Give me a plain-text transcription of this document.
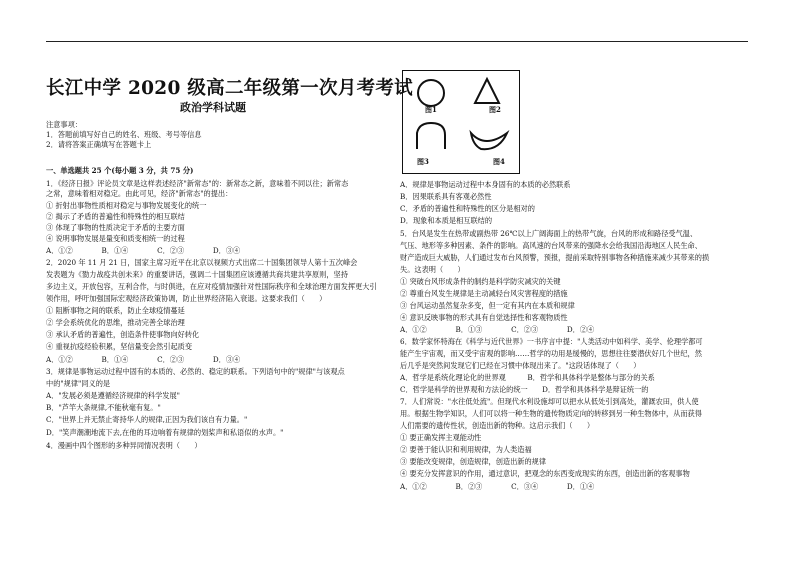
长江中学 2020 级高二年级第一次月考考试
政治学科试题
注意事项：
1．答题前填写好自己的姓名、班级、考号等信息
2．请将答案正确填写在答题卡上
一、单选题共 25 个(每小题 3 分，共 75 分)
1．《经济日报》评论员文章是这样表述经济"新常态"的：新常态之新，意味着不同以往；新常态
之常，意味着相对稳定。由此可见，经济"新常态"的提出：
① 折射出事物性质相对稳定与事物发展变化的统一
② 揭示了矛盾的普遍性和特殊性的相互联结
③ 体现了事物的性质决定于矛盾的主要方面
④ 说明事物发展是量变和质变相统一的过程
A．①②　　　　B．①④　　　　C．②③　　　　D．③④
2．2020 年 11 月 21 日，国家主席习近平在北京以视频方式出席二十国集团领导人第十五次峰会
发表题为《勠力战疫共创未来》的重要讲话，强调二十国集团应该遵循共商共建共享原则，坚持
多边主义，开放包容，互利合作，与时俱进，在应对疫情加强针对性国际秩序和全球治理方面发挥更大引
领作用，呼吁加强国际宏观经济政策协调，防止世界经济陷入衰退。这要求我们（　　）
① 阻断事物之间的联系，防止全球疫情蔓延
② 学会系统优化的思维，推动完善全球治理
③ 承认矛盾的普遍性，创造条件使事物向好转化
④ 重视抗疫经验积累，坚信量变会然引起质变
A．①②　　　　B．①④　　　　C．②③　　　　D．③④
3．规律是事物运动过程中固有的本质的、必然的、稳定的联系。下列语句中的"规律"与该观点
中的"规律"同义的是
A．"发展必须是遵循经济规律的科学发展"
B．"芦竿大条规律,不能秋毫有复。"
C．"世界上并无禁止寄持华人的规律,正因为我们该自有力量。"
D．"笑声潮潮地流下去,在他的耳边响着有规律的划桨声和私语似的水声。"
4．漫画中四个图形的多种异同情况表明（　　）
图1	图2
图3	图4
A．规律是事物运动过程中本身固有的本质的必然联系
B．因果联系具有客观必然性
C．矛盾的普遍性和特殊性的区分是相对的
D．现象和本质是相互联结的
5．台风是发生在热带或副热带 26℃以上广阔海面上的热带气旋，台风的形成和路径受气温、
气压、地形等多种因素、条件的影响。高风速的台风带来的强降水会给我国沿海地区人民生命、
财产造成巨大威胁，人们通过发布台风预警，预报，提前采取特别事物各种措施来减少其带来的损
失。这表明（　　）
① 突破台风形成条件的制约是科学防灾减灾的关键
② 尊重台风发生规律是主动减轻台风灾害程度的措施
③ 台风运动虽然复杂多变，但一定有其内在本质和规律
④ 意识反映事物的形式具有自觉选择性和客观物质性
A．①②　　　　B．①③　　　　C．②③　　　　D．②④
6．数学家怀特海在《科学与近代世界》一书序言中提："人类活动中如科学、美学、伦理学都可
能产生宇宙观，而又受宇宙观的影响……哲学的功用是缓慢的，思想往往要潜伏好几个世纪，然
后几乎是突然间发现它们已经在习惯中体现出来了。"这段话体现了（　　）
A．哲学是系统化理论化的世界观　　　B．哲学和具体科学是整体与部分的关系
C．哲学是科学的世界观和方法论的统一　　D．哲学和具体科学是辩证统一的
7．人们常说："水往低处流"。但现代水利设施却可以把水从低处引到高处，灌溉农田，供人使
用。根据生物学知识，人们可以将一种生物的遗传物质定向的转移到另一种生物体中，从而获得
人们需要的遗传性状，创造出新的物种。这启示我们（　　）
① 要正确发挥主观能动性
② 要善于能认识和利用规律，为人类造福
③ 要能改变规律，创造规律，创造出新的规律
④ 要充分发挥意识的作用，通过意识，把观念的东西变成现实的东西，创造出新的客观事物
A．①②　　　　B．②③　　　　C．③④　　　　D．①④
